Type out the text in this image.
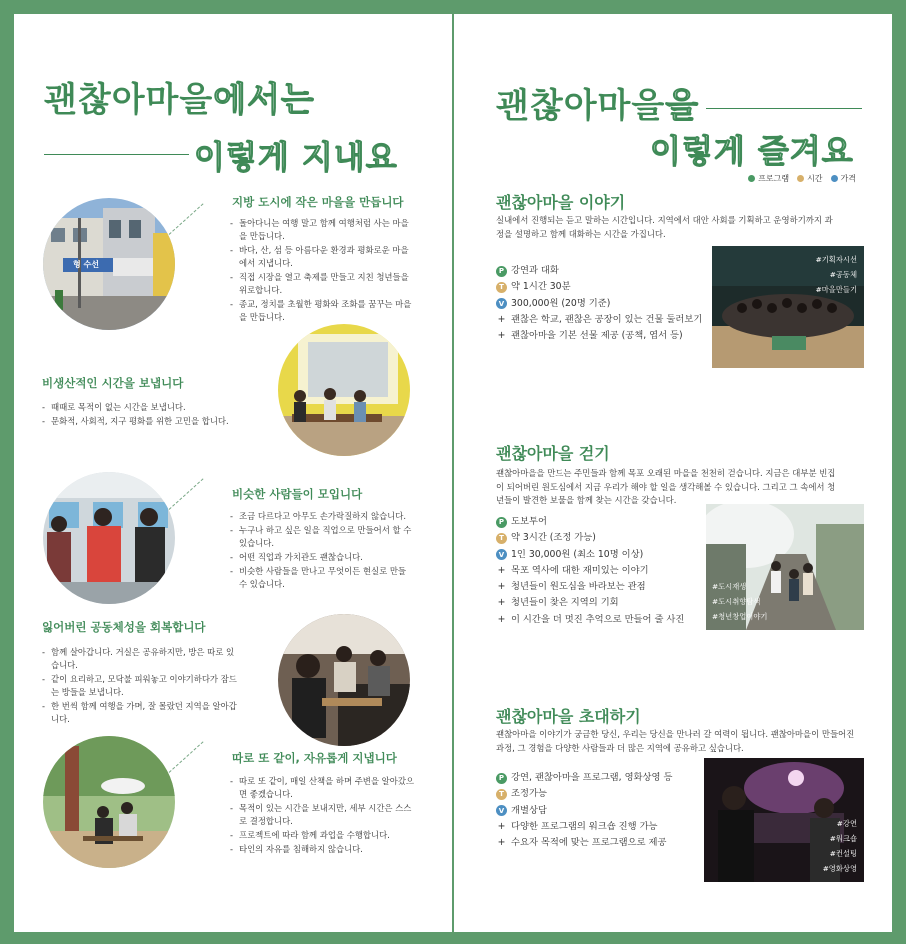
괜찮아마을에서는
이렇게 지내요
형 수선
지방 도시에 작은 마을을 만듭니다
- 돌아다니는 여행 말고 함께 여행처럼 사는 마을을 만듭니다.
- 바다, 산, 섬 등 아름다운 환경과 평화로운 마을에서 지냅니다.
- 직접 시장을 열고 축제를 만들고 지친 청년들을 위로합니다.
- 종교, 정치를 초월한 평화와 조화를 꿈꾸는 마을을 만듭니다.
비생산적인 시간을 보냅니다
- 때때로 목적이 없는 시간을 보냅니다.
- 문화적, 사회적, 지구 평화를 위한 고민을 합니다.
비슷한 사람들이 모입니다
- 조금 다르다고 아무도 손가락질하지 않습니다.
- 누구나 하고 싶은 일을 직업으로 만들어서 할 수 있습니다.
- 어떤 직업과 가치관도 괜찮습니다.
- 비슷한 사람들을 만나고 무엇이든 현실로 만들 수 있습니다.
잃어버린 공동체성을 회복합니다
- 함께 살아갑니다. 거실은 공유하지만, 방은 따로 있습니다.
- 같이 요리하고, 모닥불 피워놓고 이야기하다가 잠드는 방들을 보냅니다.
- 한 번씩 함께 여행을 가며, 잘 몰랐던 지역을 알아갑니다.
따로 또 같이, 자유롭게 지냅니다
- 따로 또 같이, 매일 산책을 하며 주변을 알아갔으면 좋겠습니다.
- 목적이 있는 시간을 보내지만, 세부 시간은 스스로 결정합니다.
- 프로젝트에 따라 함께 과업을 수행합니다.
- 타인의 자유를 침해하지 않습니다.
괜찮아마을을
이렇게 즐겨요
프로그램	시간	가격
괜찮아마을 이야기
실내에서 진행되는 듣고 말하는 시간입니다. 지역에서 대안 사회를 기획하고 운영하기까지 과정을 설명하고 함께 대화하는 시간을 가집니다.
P 강연과 대화
T 약 1시간 30분
V 300,000원 (20명 기준)
+ 괜찮은 학교, 괜찮은 공장이 있는 건물 둘러보기
+ 괜찮아마을 기본 선물 제공 (공책, 엽서 등)
#기획자시선
#공동체
#마을만들기
괜찮아마을 걷기
괜찮아마을을 만드는 주민들과 함께 목포 오래된 마을을 천천히 걷습니다. 지금은 대부분 빈집이 되어버린 원도심에서 지금 우리가 해야 할 일을 생각해볼 수 있습니다. 그리고 그 속에서 청년들이 발견한 보물을 함께 찾는 시간을 갖습니다.
P 도보투어
T 약 3시간 (조정 가능)
V 1인 30,000원 (최소 10명 이상)
+ 목포 역사에 대한 재미있는 이야기
+ 청년들이 원도심을 바라보는 관점
+ 청년들이 찾은 지역의 기회
+ 이 시간을 더 멋진 추억으로 만들어 줄 사진
#도시재생
#도시취향탐색
#청년창업이야기
괜찮아마을 초대하기
괜찮아마을 이야기가 궁금한 당신, 우리는 당신을 만나러 갈 여력이 됩니다. 괜찮아마을이 만들어진 과정, 그 경험을 다양한 사람들과 더 많은 지역에 공유하고 싶습니다.
P 강연, 괜찮아마을 프로그램, 영화상영 등
T 조정가능
V 개별상담
+ 다양한 프로그램의 워크숍 진행 가능
+ 수요자 목적에 맞는 프로그램으로 제공
#강연
#워크숍
#컨설팅
#영화상영
